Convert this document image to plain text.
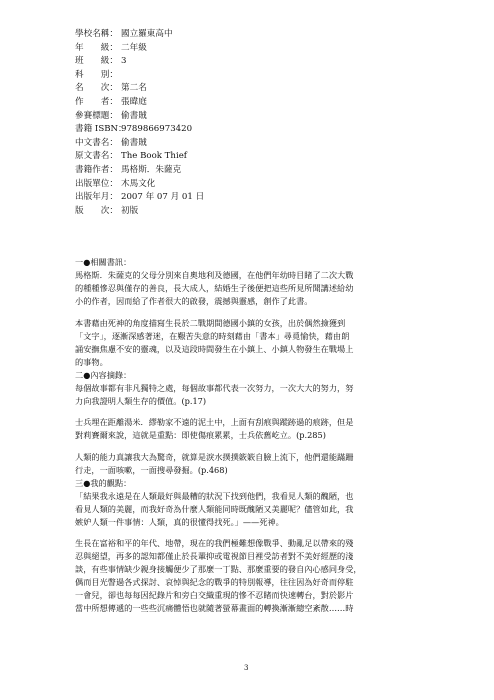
學校名稱： 國立羅東高中
年　　級： 二年級
班　　級： 3
科　　別：
名　　次： 第二名
作　　者： 張暐庭
參賽標題： 偷書賊
書籍 ISBN：
9789866973420
中文書名： 偷書賊
原文書名： The Book Thief
書籍作者： 馬格斯．朱薩克
出版單位： 木馬文化
出版年月： 2007 年 07 月 01 日
版　　次： 初版

一●相關書訊：

馬格斯．朱薩克的父母分別來自奧地利及德國，在他們年幼時目睹了二次大戰
的種種慘忍與僅存的善良，長大成人，結婚生子後便把這些所見所聞講述給幼
小的作者，因而給了作者很大的啟發，震撼與靈感，創作了此書。

本書藉由死神的角度描寫生長於二戰期間德國小鎮的女孩，出於偶然撿獲到
「文字」，逐漸深感著迷，在艱苦失意的時刻藉由「書本」尋覓愉快，藉由朗
誦安撫焦慮不安的靈魂，以及這段時間發生在小鎮上、小鎮人物發生在戰場上
的事物。

二●內容摘錄：

每個故事都有非凡獨特之處，每個故事都代表一次努力，一次大大的努力，努
力向我證明人類生存的價值。(p.17)

士兵埋在距離湯米．繆勒家不遠的泥土中，上面有刮痕與蹤跡過的痕跡，但是
對莉賽爾來說，這就是重點：即使傷痕累累，士兵依舊屹立。(p.285)

人類的能力真讓我大為驚奇，就算是淚水撲撲簌簌自臉上流下，他們還能蹣跚
行走，一面咳嗽，一面搜尋發掘。(p.468)

三●我的觀點：

「結果我永遠是在人類最好與最糟的狀況下找到他們，我看見人類的醜陋，也
看見人類的美麗，而我好奇為什麼人類能同時既醜陋又美麗呢？儘管如此，我
嫉妒人類一件事情：人類，真的很懂得找死。」——死神。

生長在富裕和平的年代、地帶，現在的我們極難想像戰爭、動亂足以帶來的殘
忍與絕望，再多的認知都僅止於長輩抑或電視節目裡受訪者對不美好經歷的淺
談，有些事情缺少親身接觸便少了那麼一丁點、那麼重要的發自內心感同身受，
偶而目光瞥過各式探討、哀悼與紀念的戰爭的特別報導，往往因為好奇而停駐
一會兒，卻也每每因紀錄片和旁白交織重現的慘不忍睹而快速轉台，對於影片
當中所想傳遞的一些些沉痛體悟也就隨著螢幕畫面的轉換漸漸總空紊散……時

3
